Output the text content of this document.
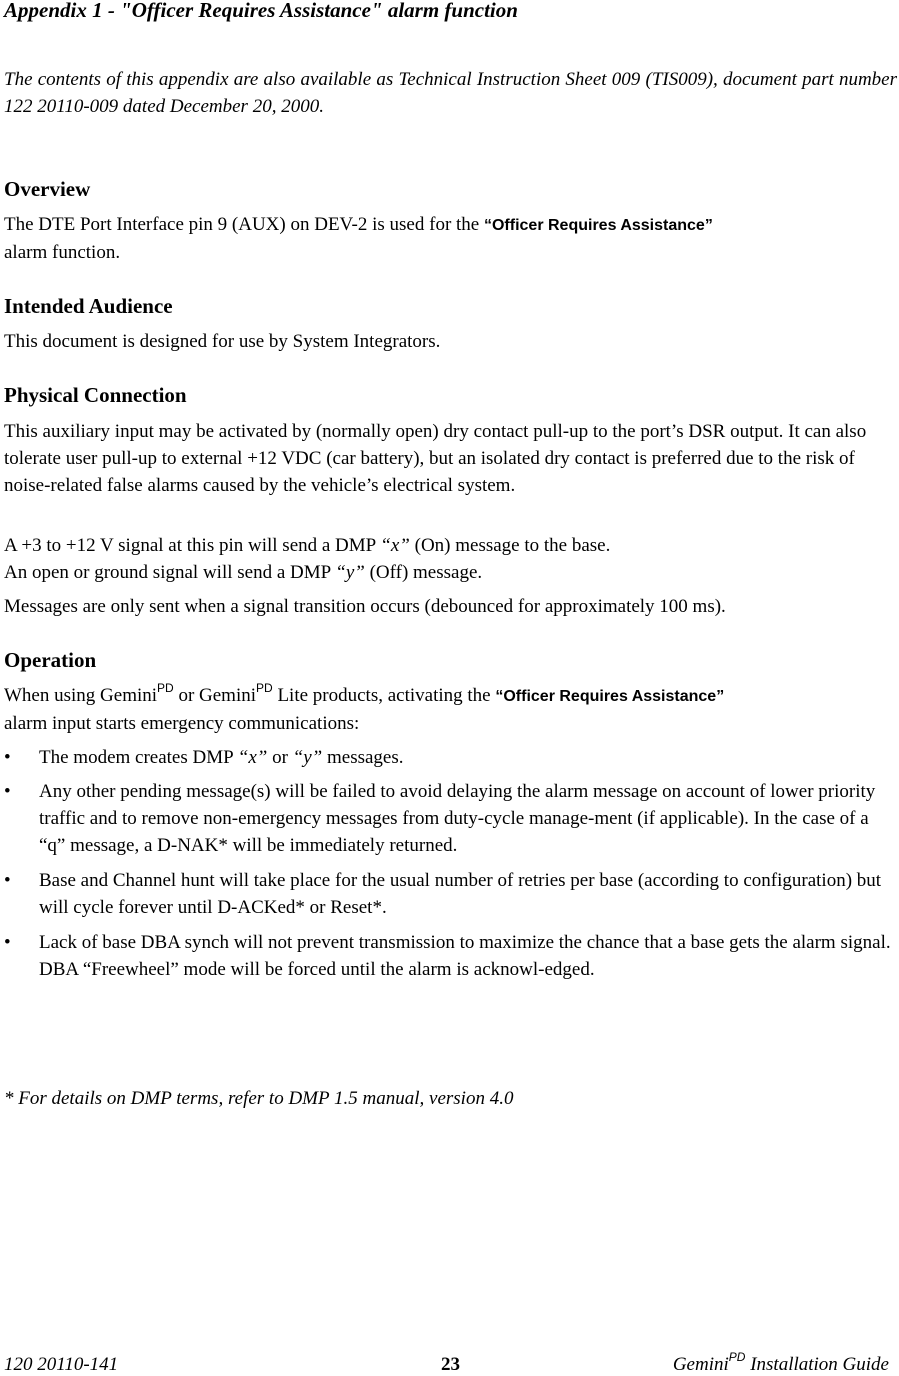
Appendix 1 - "Officer Requires Assistance" alarm function
The contents of this appendix are also available as Technical Instruction Sheet 009 (TIS009), document part number 122 20110-009 dated December 20, 2000.
Overview
The DTE Port Interface pin 9 (AUX) on DEV-2 is used for the “Officer Requires Assistance”
alarm function.
Intended Audience
This document is designed for use by System Integrators.
Physical Connection
This auxiliary input may be activated by (normally open) dry contact pull-up to the port’s DSR output. It can also tolerate user pull-up to external +12 VDC (car battery), but an isolated dry contact is preferred due to the risk of noise-related false alarms caused by the vehicle’s electrical system.
A +3 to +12 V signal at this pin will send a DMP “x” (On) message to the base.
An open or ground signal will send a DMP “y” (Off) message.
Messages are only sent when a signal transition occurs (debounced for approximately 100 ms).
Operation
When using Gemini$^{PD}$ or Gemini$^{PD}$ Lite products, activating the “Officer Requires Assistance”
alarm input starts emergency communications:
• The modem creates DMP “x” or “y” messages.
• Any other pending message(s) will be failed to avoid delaying the alarm message on account of lower priority traffic and to remove non-emergency messages from duty-cycle manage-ment (if applicable). In the case of a “q” message, a D-NAK* will be immediately returned.
• Base and Channel hunt will take place for the usual number of retries per base (according to configuration) but will cycle forever until D-ACKed* or Reset*.
• Lack of base DBA synch will not prevent transmission to maximize the chance that a base gets the alarm signal. DBA “Freewheel” mode will be forced until the alarm is acknowl-edged.
* For details on DMP terms, refer to DMP 1.5 manual, version 4.0
120 20110-141	23	Gemini$^{PD}$ Installation Guide
